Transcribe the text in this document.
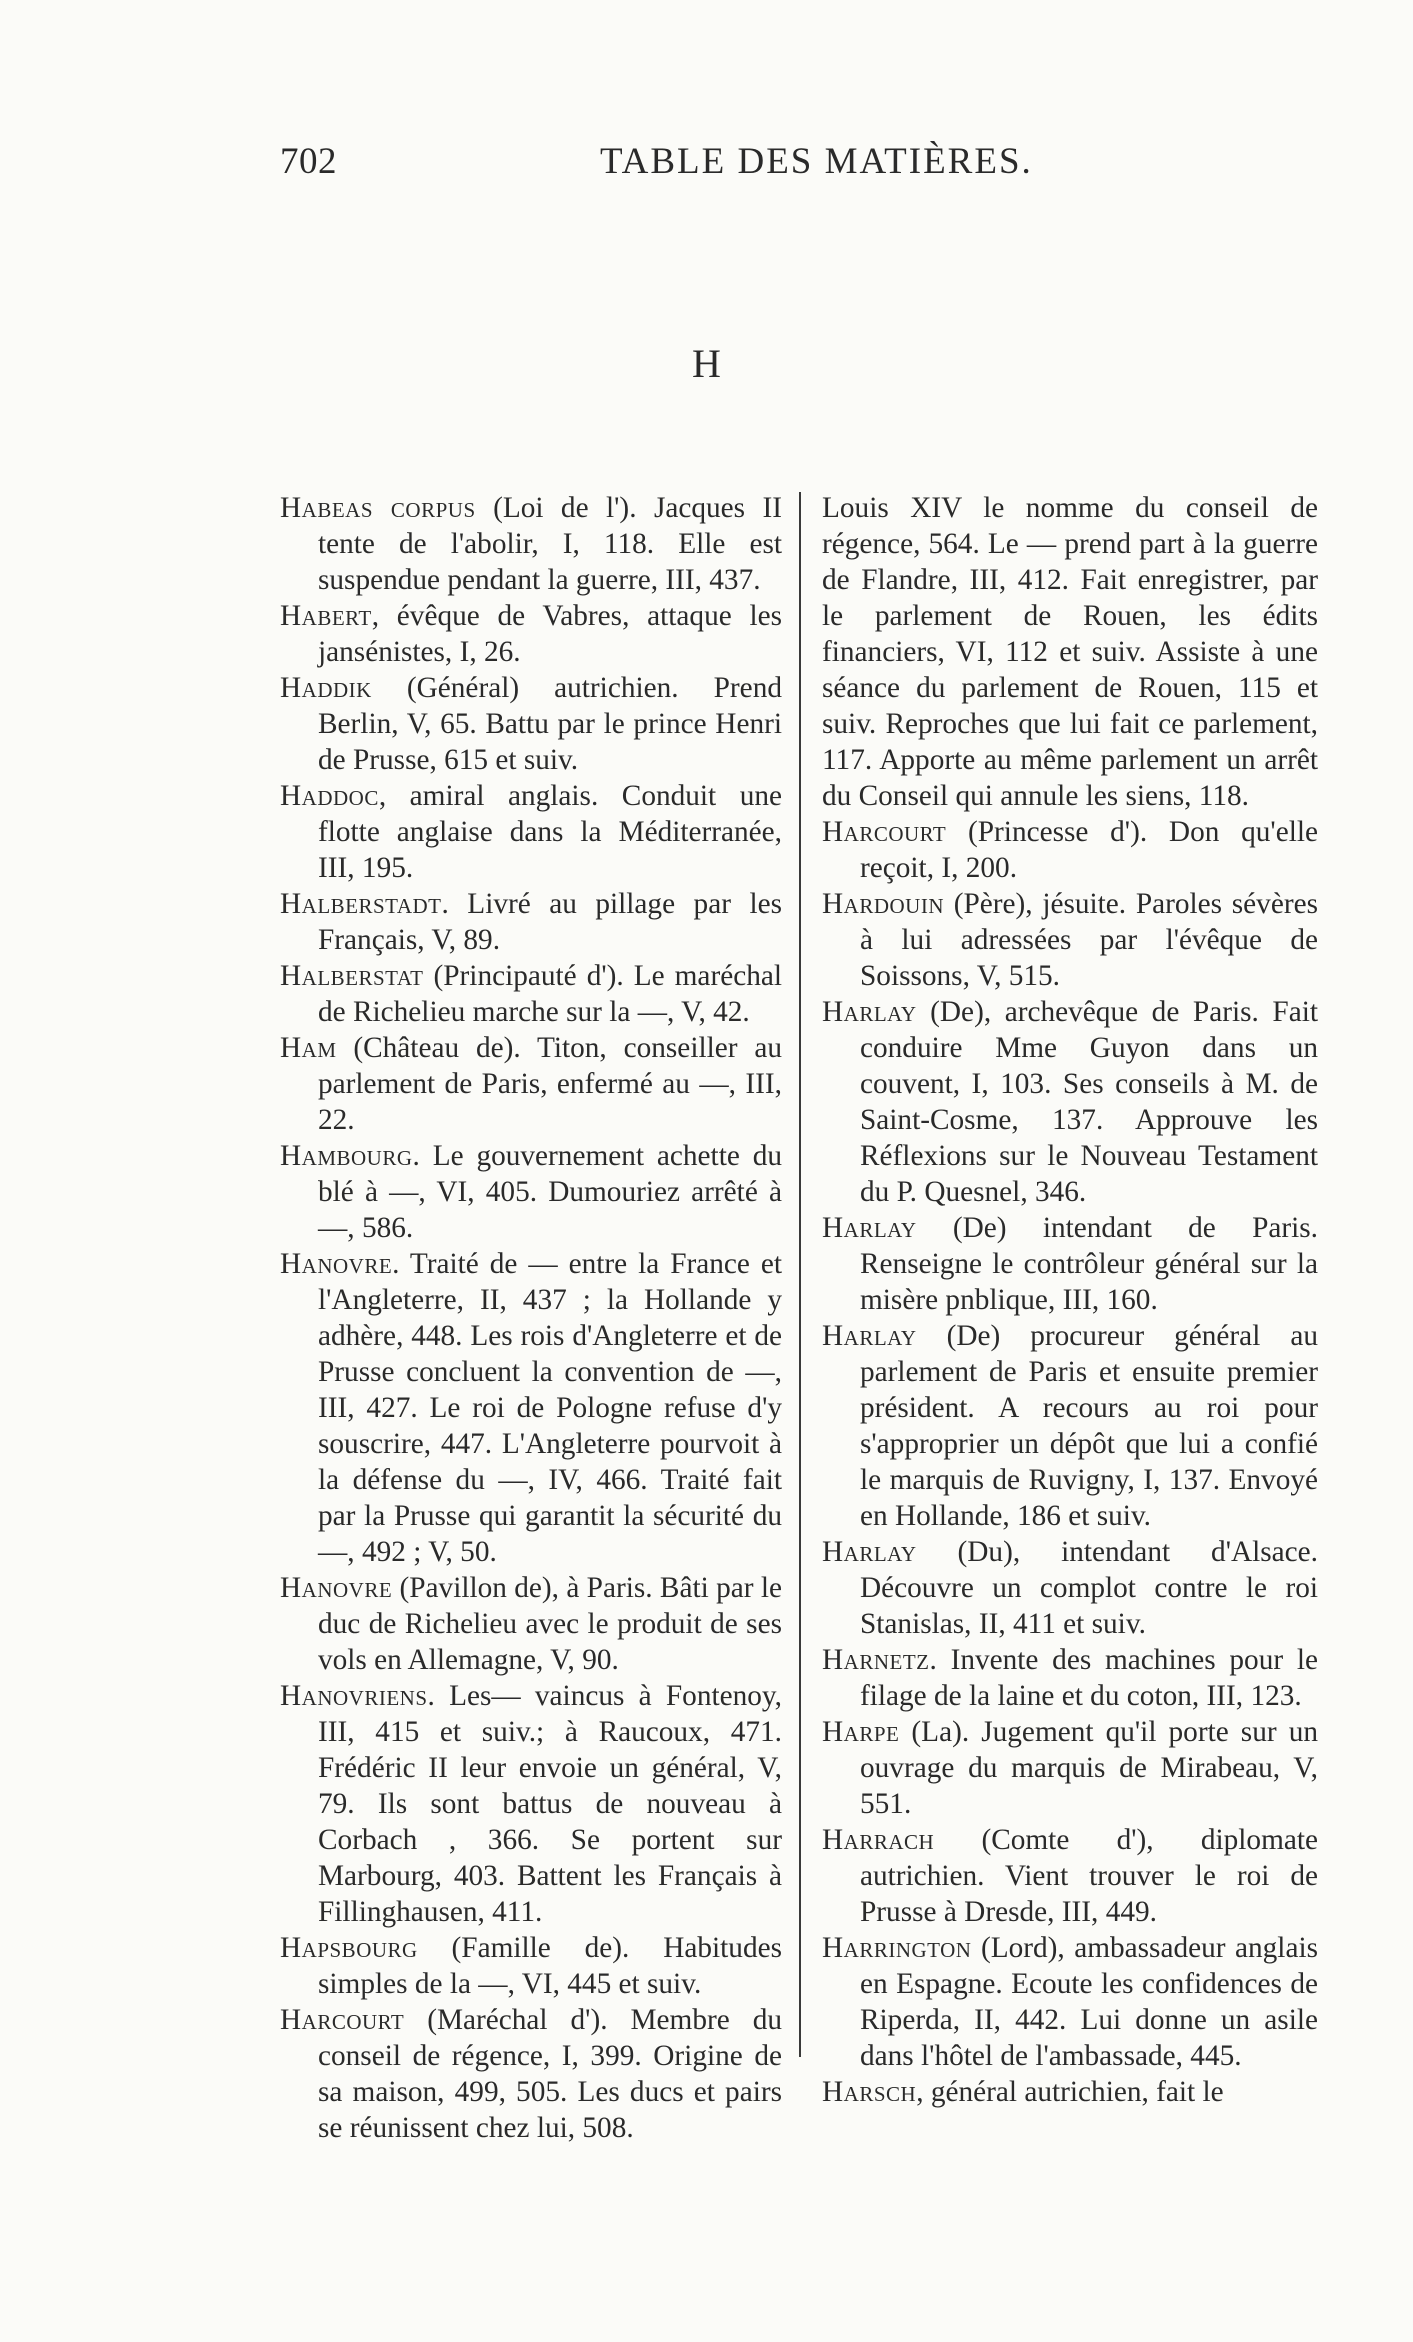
702	TABLE DES MATIÈRES.
H

Habeas corpus (Loi de l'). Jacques II tente de l'abolir, I, 118. Elle est suspendue pendant la guerre, III, 437.

Habert, évêque de Vabres, attaque les jansénistes, I, 26.

Haddik (Général) autrichien. Prend Berlin, V, 65. Battu par le prince Henri de Prusse, 615 et suiv.

Haddoc, amiral anglais. Conduit une flotte anglaise dans la Méditerranée, III, 195.

Halberstadt. Livré au pillage par les Français, V, 89.

Halberstat (Principauté d'). Le maréchal de Richelieu marche sur la —, V, 42.

Ham (Château de). Titon, conseiller au parlement de Paris, enfermé au —, III, 22.

Hambourg. Le gouvernement achette du blé à —, VI, 405. Dumouriez arrêté à —, 586.

Hanovre. Traité de — entre la France et l'Angleterre, II, 437 ; la Hollande y adhère, 448. Les rois d'Angleterre et de Prusse concluent la convention de —, III, 427. Le roi de Pologne refuse d'y souscrire, 447. L'Angleterre pourvoit à la défense du —, IV, 466. Traité fait par la Prusse qui garantit la sécurité du —, 492 ; V, 50.

Hanovre (Pavillon de), à Paris. Bâti par le duc de Richelieu avec le produit de ses vols en Allemagne, V, 90.

Hanovriens. Les— vaincus à Fontenoy, III, 415 et suiv.; à Raucoux, 471. Frédéric II leur envoie un général, V, 79. Ils sont battus de nouveau à Corbach , 366. Se portent sur Marbourg, 403. Battent les Français à Fillinghausen, 411.

Hapsbourg (Famille de). Habitudes simples de la —, VI, 445 et suiv.

Harcourt (Maréchal d'). Membre du conseil de régence, I, 399. Origine de sa maison, 499, 505. Les ducs et pairs se réunissent chez lui, 508.

Louis XIV le nomme du conseil de régence, 564. Le — prend part à la guerre de Flandre, III, 412. Fait enregistrer, par le parlement de Rouen, les édits financiers, VI, 112 et suiv. Assiste à une séance du parlement de Rouen, 115 et suiv. Reproches que lui fait ce parlement, 117. Apporte au même parlement un arrêt du Conseil qui annule les siens, 118.

Harcourt (Princesse d'). Don qu'elle reçoit, I, 200.

Hardouin (Père), jésuite. Paroles sévères à lui adressées par l'évêque de Soissons, V, 515.

Harlay (De), archevêque de Paris. Fait conduire Mme Guyon dans un couvent, I, 103. Ses conseils à M. de Saint-Cosme, 137. Approuve les Réflexions sur le Nouveau Testament du P. Quesnel, 346.

Harlay (De) intendant de Paris. Renseigne le contrôleur général sur la misère pnblique, III, 160.

Harlay (De) procureur général au parlement de Paris et ensuite premier président. A recours au roi pour s'approprier un dépôt que lui a confié le marquis de Ruvigny, I, 137. Envoyé en Hollande, 186 et suiv.

Harlay (Du), intendant d'Alsace. Découvre un complot contre le roi Stanislas, II, 411 et suiv.

Harnetz. Invente des machines pour le filage de la laine et du coton, III, 123.

Harpe (La). Jugement qu'il porte sur un ouvrage du marquis de Mirabeau, V, 551.

Harrach (Comte d'), diplomate autrichien. Vient trouver le roi de Prusse à Dresde, III, 449.

Harrington (Lord), ambassadeur anglais en Espagne. Ecoute les confidences de Riperda, II, 442. Lui donne un asile dans l'hôtel de l'ambassade, 445.

Harsch, général autrichien, fait le
